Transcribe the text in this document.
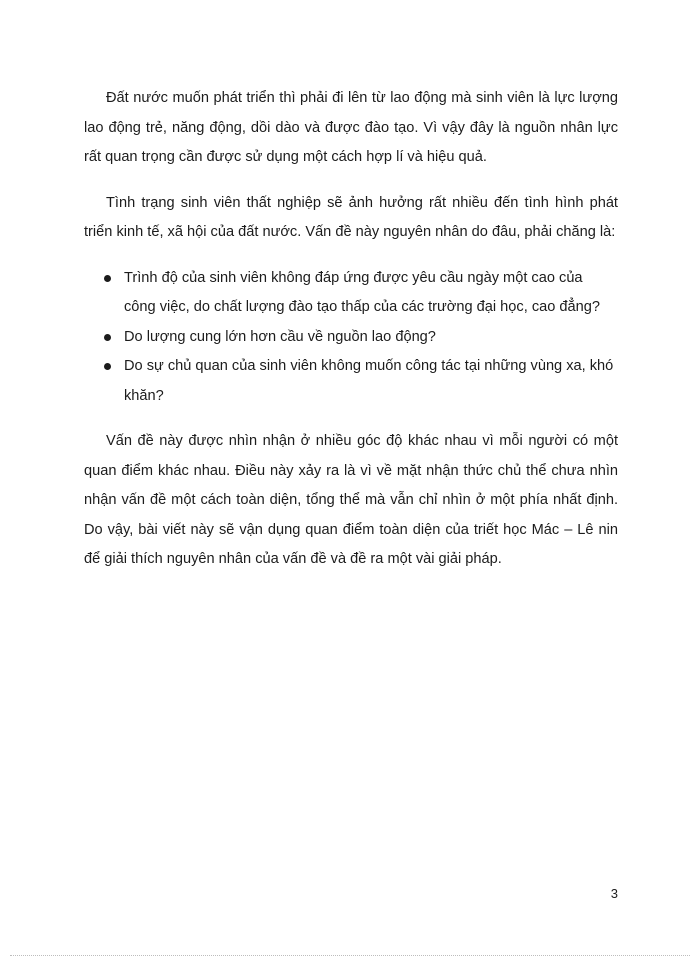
Đất nước muốn phát triển thì phải đi lên từ lao động mà sinh viên là lực lượng lao động trẻ, năng động, dồi dào và được đào tạo. Vì vậy đây là nguồn nhân lực rất quan trọng cần được sử dụng một cách hợp lí và hiệu quả.

Tình trạng sinh viên thất nghiệp sẽ ảnh hưởng rất nhiều đến tình hình phát triển kinh tế, xã hội của đất nước. Vấn đề này nguyên nhân do đâu, phải chăng là:

Trình độ của sinh viên không đáp ứng được yêu cầu ngày một cao của công việc, do chất lượng đào tạo thấp của các trường đại học, cao đẳng?
Do lượng cung lớn hơn cầu về nguồn lao động?
Do sự chủ quan của sinh viên không muốn công tác tại những vùng xa, khó khăn?

Vấn đề này được nhìn nhận ở nhiều góc độ khác nhau vì mỗi người có một quan điểm khác nhau. Điều này xảy ra là vì về mặt nhận thức chủ thể chưa nhìn nhận vấn đề một cách toàn diện, tổng thể mà vẫn chỉ nhìn ở một phía nhất định. Do vậy, bài viết này sẽ vận dụng quan điểm toàn diện của triết học Mác – Lê nin để giải thích nguyên nhân của vấn đề và đề ra một vài giải pháp.

3
